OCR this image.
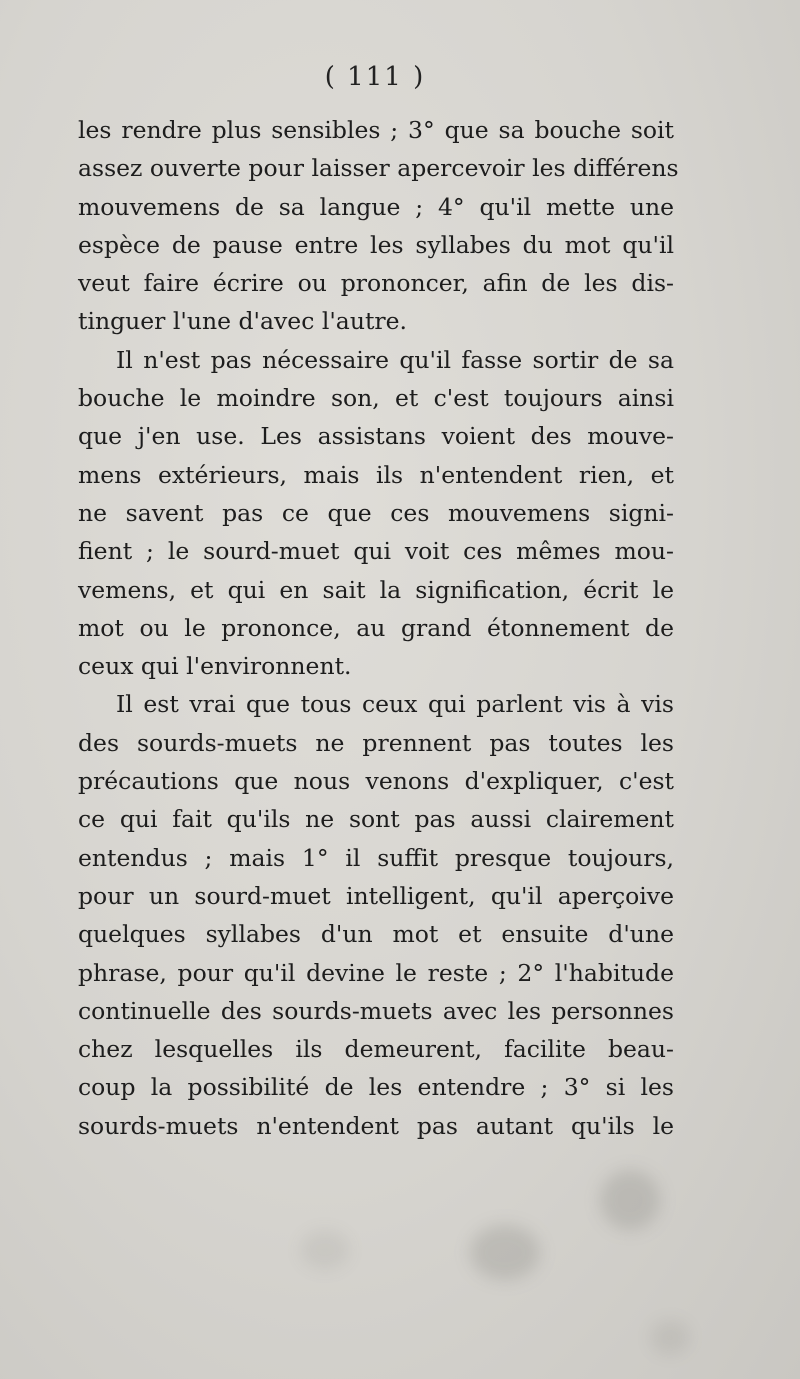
( 111 )
les rendre plus sensibles ; 3° que sa bouche soit
assez ouverte pour laisser apercevoir les différens
mouvemens de sa langue ; 4° qu'il mette une
espèce de pause entre les syllabes du mot qu'il
veut faire écrire ou prononcer, afin de les dis-
tinguer l'une d'avec l'autre.
Il n'est pas nécessaire qu'il fasse sortir de sa
bouche le moindre son, et c'est toujours ainsi
que j'en use. Les assistans voient des mouve-
mens extérieurs, mais ils n'entendent rien, et
ne savent pas ce que ces mouvemens signi-
fient ; le sourd-muet qui voit ces mêmes mou-
vemens, et qui en sait la signification, écrit le
mot ou le prononce, au grand étonnement de
ceux qui l'environnent.
Il est vrai que tous ceux qui parlent vis à vis
des sourds-muets ne prennent pas toutes les
précautions que nous venons d'expliquer, c'est
ce qui fait qu'ils ne sont pas aussi clairement
entendus ; mais 1° il suffit presque toujours,
pour un sourd-muet intelligent, qu'il aperçoive
quelques syllabes d'un mot et ensuite d'une
phrase, pour qu'il devine le reste ; 2° l'habitude
continuelle des sourds-muets avec les personnes
chez lesquelles ils demeurent, facilite beau-
coup la possibilité de les entendre ; 3° si les
sourds-muets n'entendent pas autant qu'ils le
